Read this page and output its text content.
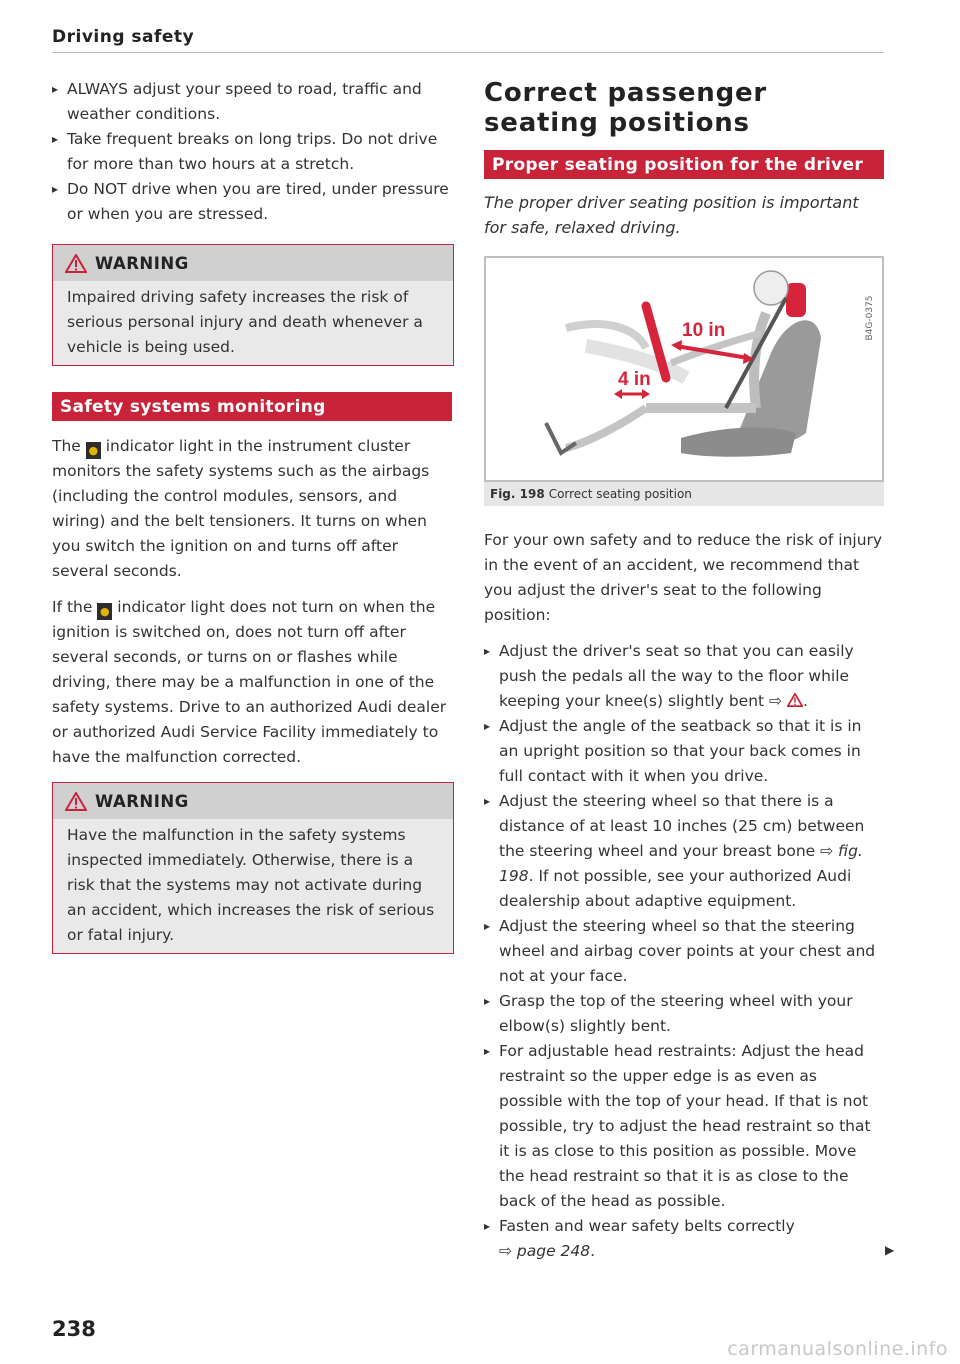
Driving safety
▸ ALWAYS adjust your speed to road, traffic and weather conditions.
▸ Take frequent breaks on long trips. Do not drive for more than two hours at a stretch.
▸ Do NOT drive when you are tired, under pressure or when you are stressed.
WARNING
Impaired driving safety increases the risk of serious personal injury and death whenever a vehicle is being used.
Safety systems monitoring
The ● indicator light in the instrument cluster monitors the safety systems such as the airbags (including the control modules, sensors, and wiring) and the belt tensioners. It turns on when you switch the ignition on and turns off after several seconds.
If the ● indicator light does not turn on when the ignition is switched on, does not turn off after several seconds, or turns on or flashes while driving, there may be a malfunction in one of the safety systems. Drive to an authorized Audi dealer or authorized Audi Service Facility immediately to have the malfunction corrected.
WARNING
Have the malfunction in the safety systems inspected immediately. Otherwise, there is a risk that the systems may not activate during an accident, which increases the risk of serious or fatal injury.
Correct passenger
seating positions
Proper seating position for the driver
The proper driver seating position is important for safe, relaxed driving.
10 in
4 in
B4G-0375
Fig. 198 Correct seating position
For your own safety and to reduce the risk of injury in the event of an accident, we recommend that you adjust the driver's seat to the following position:
▸ Adjust the driver's seat so that you can easily push the pedals all the way to the floor while keeping your knee(s) slightly bent ⇨ .
▸ Adjust the angle of the seatback so that it is in an upright position so that your back comes in full contact with it when you drive.
▸ Adjust the steering wheel so that there is a distance of at least 10 inches (25 cm) between the steering wheel and your breast bone ⇨ fig. 198. If not possible, see your authorized Audi dealership about adaptive equipment.
▸ Adjust the steering wheel so that the steering wheel and airbag cover points at your chest and not at your face.
▸ Grasp the top of the steering wheel with your elbow(s) slightly bent.
▸ For adjustable head restraints: Adjust the head restraint so the upper edge is as even as possible with the top of your head. If that is not possible, try to adjust the head restraint so that it is as close to this position as possible. Move the head restraint so that it is as close to the back of the head as possible.
▸ Fasten and wear safety belts correctly
⇨ page 248.	▶
238
carmanualsonline.info
